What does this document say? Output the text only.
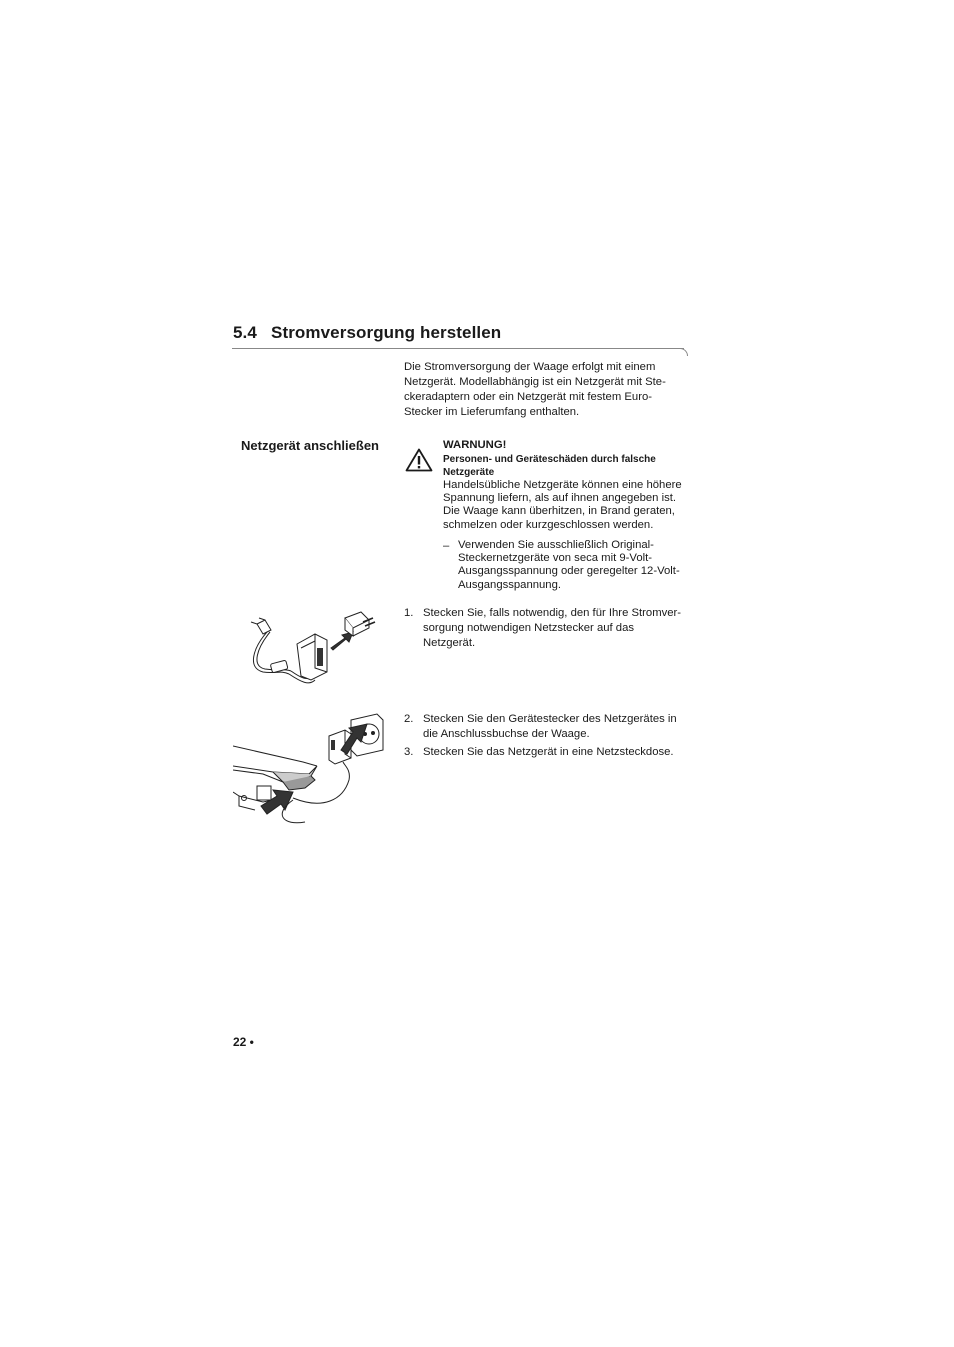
5.4 Stromversorgung herstellen
Die Stromversorgung der Waage erfolgt mit einem
Netzgerät. Modellabhängig ist ein Netzgerät mit Ste-
ckeradaptern oder ein Netzgerät mit festem Euro-
Stecker im Lieferumfang enthalten.
Netzgerät anschließen	WARNUNG!
Personen- und Geräteschäden durch falsche
Netzgeräte
Handelsübliche Netzgeräte können eine höhere
Spannung liefern, als auf ihnen angegeben ist.
Die Waage kann überhitzen, in Brand geraten,
schmelzen oder kurzgeschlossen werden.
– Verwenden Sie ausschließlich Original-
Steckernetzgeräte von seca mit 9-Volt-
Ausgangsspannung oder geregelter 12-Volt-
Ausgangsspannung.
1. Stecken Sie, falls notwendig, den für Ihre Stromver-
sorgung notwendigen Netzstecker auf das
Netzgerät.
2. Stecken Sie den Gerätestecker des Netzgerätes in
die Anschlussbuchse der Waage.
3. Stecken Sie das Netzgerät in eine Netzsteckdose.
22 •
